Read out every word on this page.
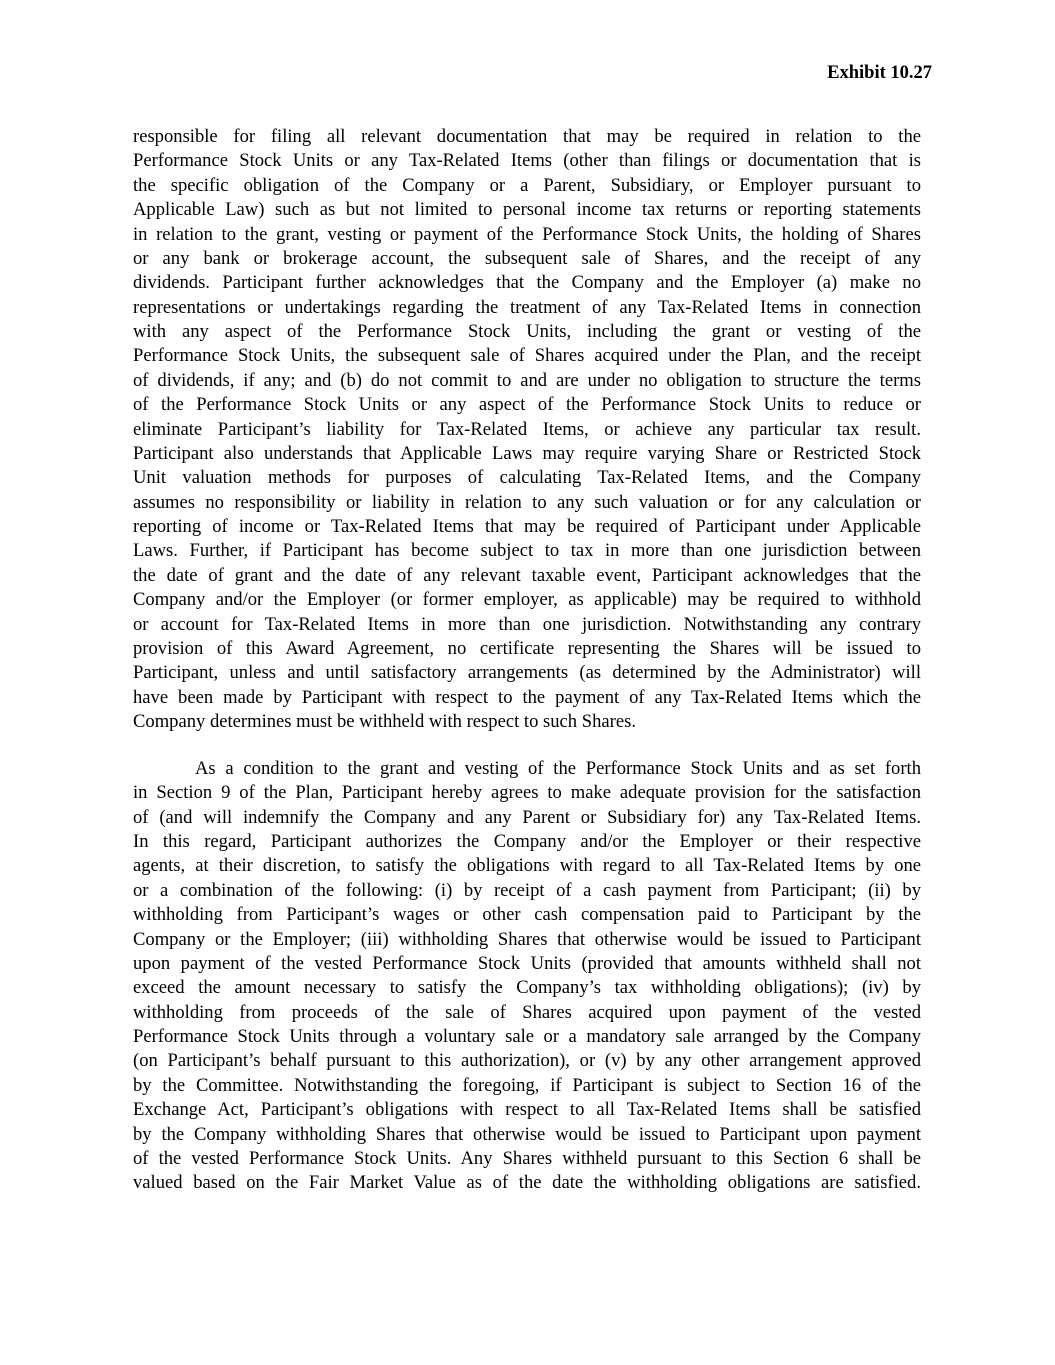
Exhibit 10.27
responsible for filing all relevant documentation that may be required in relation to the
Performance Stock Units or any Tax-Related Items (other than filings or documentation that is
the specific obligation of the Company or a Parent, Subsidiary, or Employer pursuant to
Applicable Law) such as but not limited to personal income tax returns or reporting statements
in relation to the grant, vesting or payment of the Performance Stock Units, the holding of Shares
or any bank or brokerage account, the subsequent sale of Shares, and the receipt of any
dividends. Participant further acknowledges that the Company and the Employer (a) make no
representations or undertakings regarding the treatment of any Tax-Related Items in connection
with any aspect of the Performance Stock Units, including the grant or vesting of the
Performance Stock Units, the subsequent sale of Shares acquired under the Plan, and the receipt
of dividends, if any; and (b) do not commit to and are under no obligation to structure the terms
of the Performance Stock Units or any aspect of the Performance Stock Units to reduce or
eliminate Participant’s liability for Tax-Related Items, or achieve any particular tax result.
Participant also understands that Applicable Laws may require varying Share or Restricted Stock
Unit valuation methods for purposes of calculating Tax-Related Items, and the Company
assumes no responsibility or liability in relation to any such valuation or for any calculation or
reporting of income or Tax-Related Items that may be required of Participant under Applicable
Laws. Further, if Participant has become subject to tax in more than one jurisdiction between
the date of grant and the date of any relevant taxable event, Participant acknowledges that the
Company and/or the Employer (or former employer, as applicable) may be required to withhold
or account for Tax-Related Items in more than one jurisdiction. Notwithstanding any contrary
provision of this Award Agreement, no certificate representing the Shares will be issued to
Participant, unless and until satisfactory arrangements (as determined by the Administrator) will
have been made by Participant with respect to the payment of any Tax-Related Items which the
Company determines must be withheld with respect to such Shares.
As a condition to the grant and vesting of the Performance Stock Units and as set forth
in Section 9 of the Plan, Participant hereby agrees to make adequate provision for the satisfaction
of (and will indemnify the Company and any Parent or Subsidiary for) any Tax-Related Items.
In this regard, Participant authorizes the Company and/or the Employer or their respective
agents, at their discretion, to satisfy the obligations with regard to all Tax-Related Items by one
or a combination of the following: (i) by receipt of a cash payment from Participant; (ii) by
withholding from Participant’s wages or other cash compensation paid to Participant by the
Company or the Employer; (iii) withholding Shares that otherwise would be issued to Participant
upon payment of the vested Performance Stock Units (provided that amounts withheld shall not
exceed the amount necessary to satisfy the Company’s tax withholding obligations); (iv) by
withholding from proceeds of the sale of Shares acquired upon payment of the vested
Performance Stock Units through a voluntary sale or a mandatory sale arranged by the Company
(on Participant’s behalf pursuant to this authorization), or (v) by any other arrangement approved
by the Committee. Notwithstanding the foregoing, if Participant is subject to Section 16 of the
Exchange Act, Participant’s obligations with respect to all Tax-Related Items shall be satisfied
by the Company withholding Shares that otherwise would be issued to Participant upon payment
of the vested Performance Stock Units. Any Shares withheld pursuant to this Section 6 shall be
valued based on the Fair Market Value as of the date the withholding obligations are satisfied.
